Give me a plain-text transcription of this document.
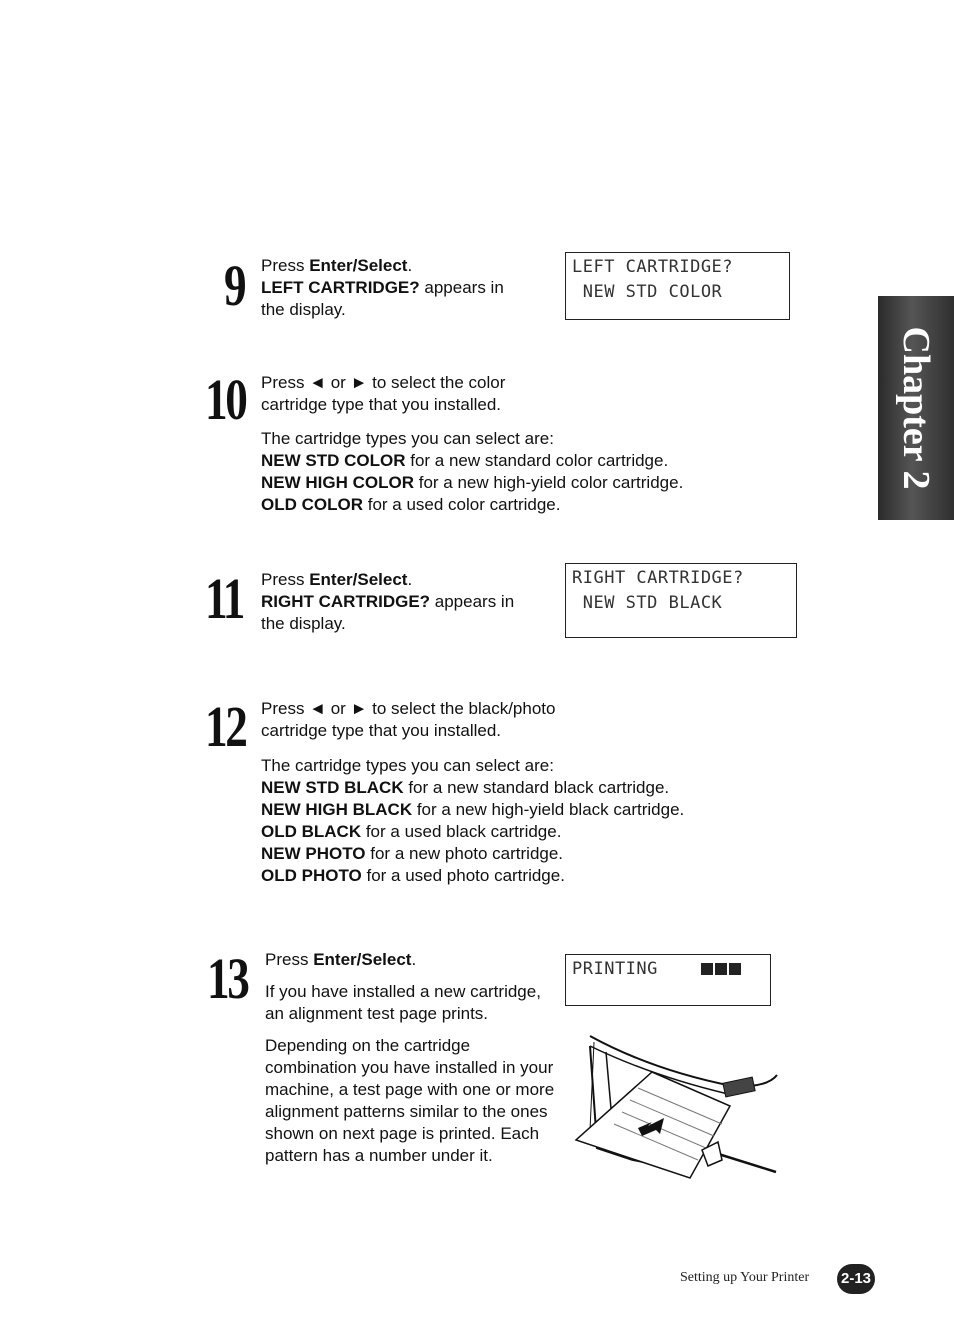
Chapter 2
9 Press Enter/Select.

LEFT CARTRIDGE? appears in

the display.

LEFT CARTRIDGE?
NEW STD COLOR
10 Press ◄ or ► to select the color

cartridge type that you installed.

The cartridge types you can select are:

NEW STD COLOR for a new standard color cartridge.

NEW HIGH COLOR for a new high-yield color cartridge.

OLD COLOR for a used color cartridge.

11 Press Enter/Select.

RIGHT CARTRIDGE? appears in

the display.

RIGHT CARTRIDGE?
NEW STD BLACK
12 Press ◄ or ► to select the black/photo

cartridge type that you installed.

The cartridge types you can select are:

NEW STD BLACK for a new standard black cartridge.

NEW HIGH BLACK for a new high-yield black cartridge.

OLD BLACK for a used black cartridge.

NEW PHOTO for a new photo cartridge.

OLD PHOTO for a used photo cartridge.

13 Press Enter/Select.

If you have installed a new cartridge, an alignment test page prints.

Depending on the cartridge combination you have installed in your machine, a test page with one or more alignment patterns similar to the ones shown on next page is printed. Each pattern has a number under it.

PRINTING
Setting up Your Printer 2-13
